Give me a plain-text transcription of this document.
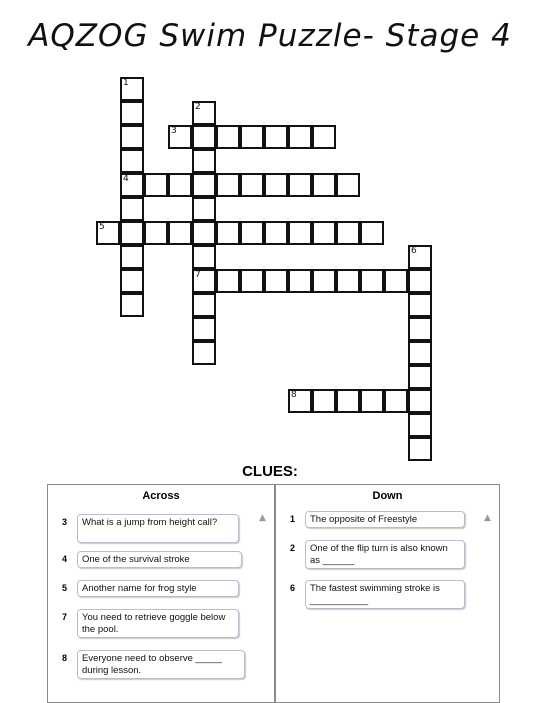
AQZOG Swim Puzzle- Stage 4
1
4
2
7
3
5
6
8
CLUES:
Across
▲
3	What is a jump from height call?
4	One of the survival stroke
5	Another name for frog style
7	You need to retrieve goggle below the pool.
8	Everyone need to observe _____ during lesson.
Down
▲
1	The opposite of Freestyle
2	One of the flip turn is also known as ______
6	The fastest swimming stroke is ___________
